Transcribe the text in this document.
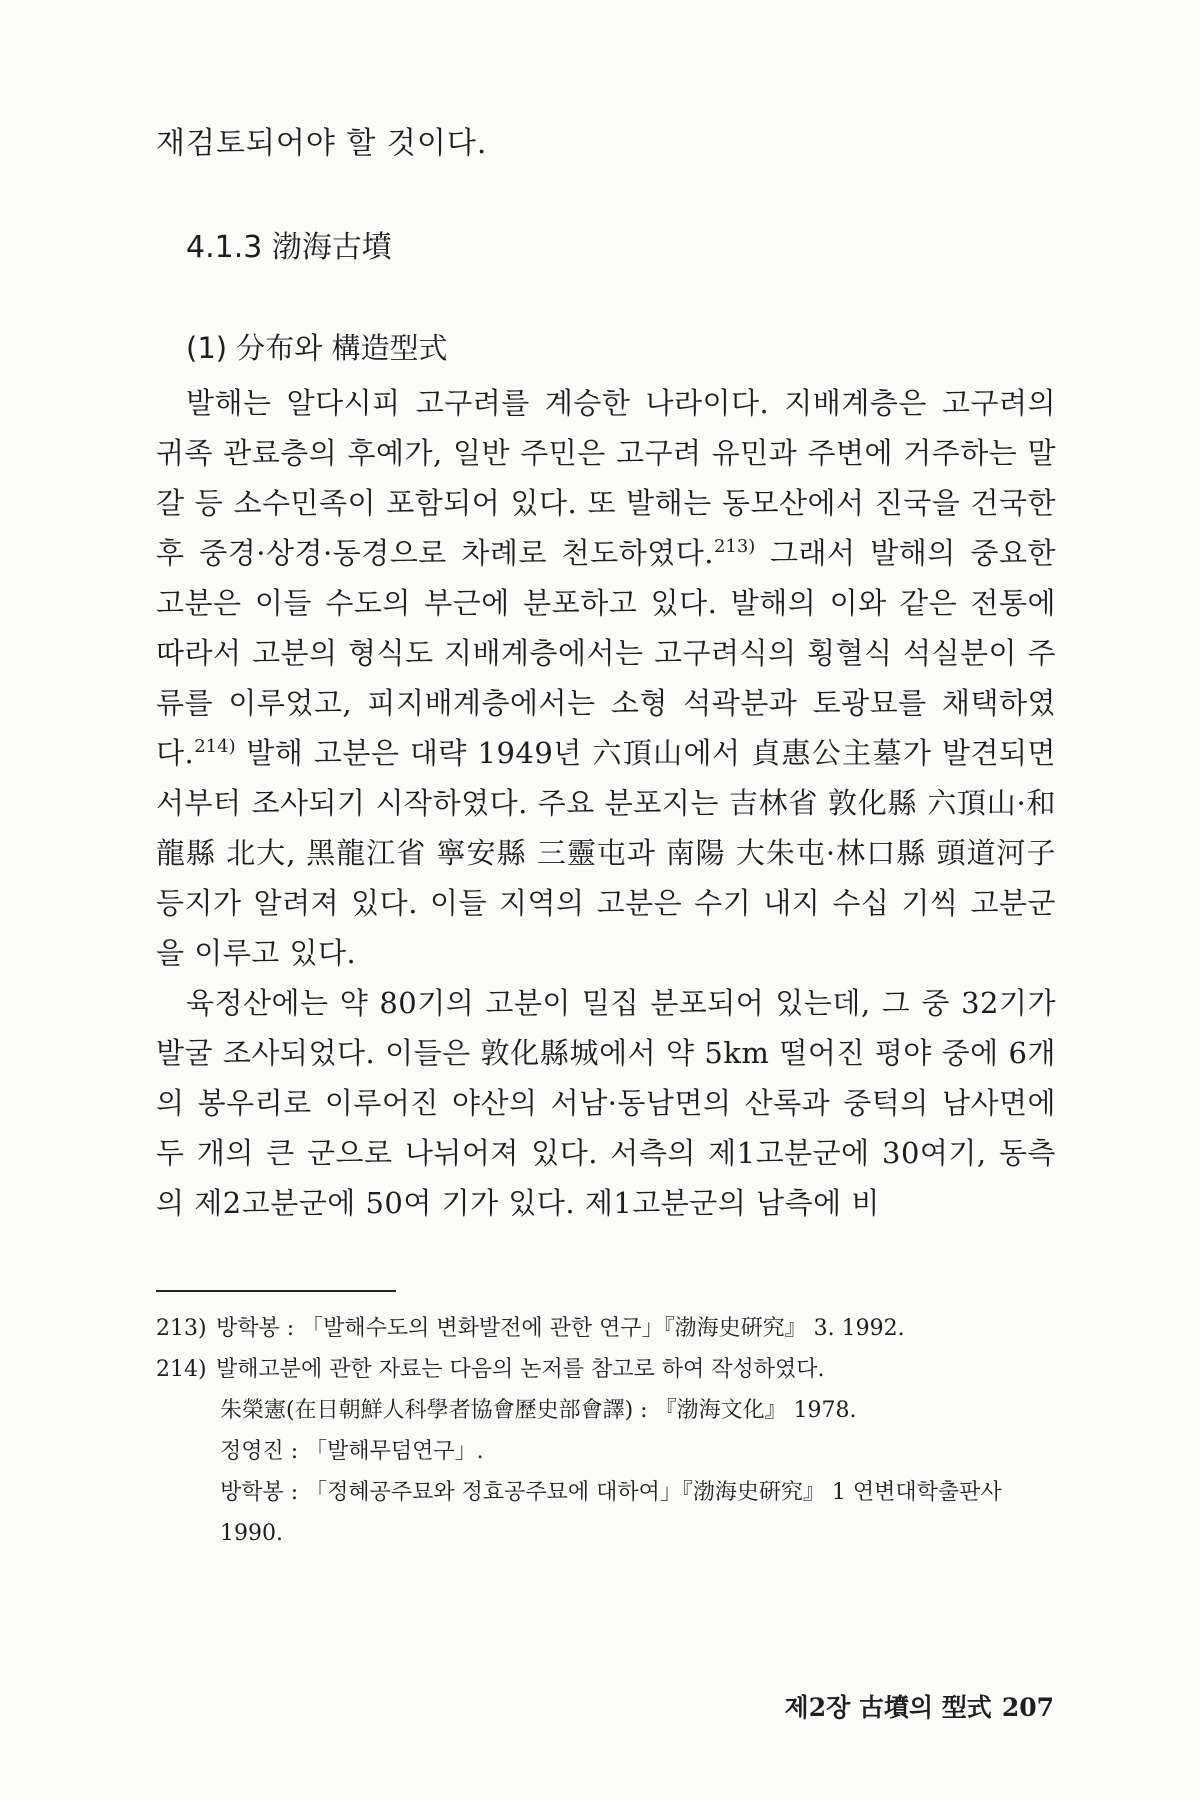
재검토되어야 할 것이다.
4.1.3 渤海古墳
(1) 分布와 構造型式

발해는 알다시피 고구려를 계승한 나라이다. 지배계층은 고구려의 귀족 관료층의 후예가, 일반 주민은 고구려 유민과 주변에 거주하는 말갈 등 소수민족이 포함되어 있다. 또 발해는 동모산에서 진국을 건국한 후 중경·상경·동경으로 차례로 천도하였다.$^{213)}$ 그래서 발해의 중요한 고분은 이들 수도의 부근에 분포하고 있다. 발해의 이와 같은 전통에 따라서 고분의 형식도 지배계층에서는 고구려식의 횡혈식 석실분이 주류를 이루었고, 피지배계층에서는 소형 석곽분과 토광묘를 채택하였다.$^{214)}$ 발해 고분은 대략 1949년 六頂山에서 貞惠公主墓가 발견되면서부터 조사되기 시작하였다. 주요 분포지는 吉林省 敦化縣 六頂山·和龍縣 北大, 黑龍江省 寧安縣 三靈屯과 南陽 大朱屯·林口縣 頭道河子 등지가 알려져 있다. 이들 지역의 고분은 수기 내지 수십 기씩 고분군을 이루고 있다.

육정산에는 약 80기의 고분이 밀집 분포되어 있는데, 그 중 32기가 발굴 조사되었다. 이들은 敦化縣城에서 약 5km 떨어진 평야 중에 6개의 봉우리로 이루어진 야산의 서남·동남면의 산록과 중턱의 남사면에 두 개의 큰 군으로 나뉘어져 있다. 서측의 제1고분군에 30여기, 동측의 제2고분군에 50여 기가 있다. 제1고분군의 남측에 비

213) 방학봉 : 「발해수도의 변화발전에 관한 연구」『渤海史硏究』 3. 1992.
214) 발해고분에 관한 자료는 다음의 논저를 참고로 하여 작성하였다.
朱榮憲(在日朝鮮人科學者協會歷史部會譯) : 『渤海文化』 1978.
정영진 : 「발해무덤연구」.
방학봉 : 「정혜공주묘와 정효공주묘에 대하여」『渤海史硏究』 1 연변대학출판사 1990.
제2장 古墳의 型式 207
